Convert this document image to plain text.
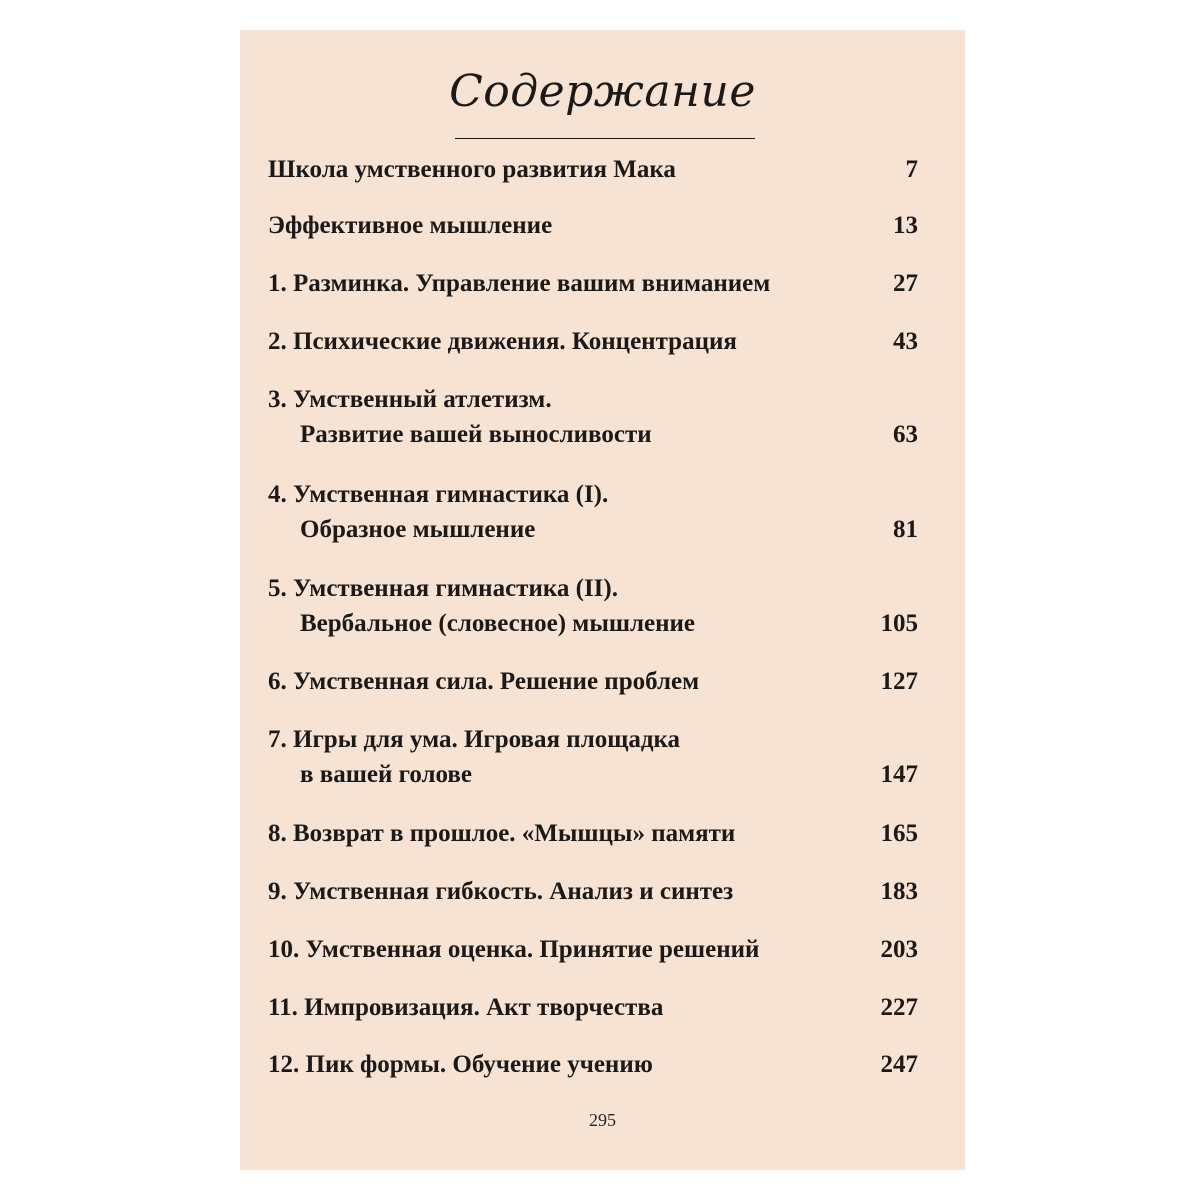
Содержание
Школа умственного развития Мака	7
Эффективное мышление	13
1. Разминка. Управление вашим вниманием	27
2. Психические движения. Концентрация	43
3. Умственный атлетизм.
Развитие вашей выносливости	63
4. Умственная гимнастика (I).
Образное мышление	81
5. Умственная гимнастика (II).
Вербальное (словесное) мышление	105
6. Умственная сила. Решение проблем	127
7. Игры для ума. Игровая площадка
в вашей голове	147
8. Возврат в прошлое. «Мышцы» памяти	165
9. Умственная гибкость. Анализ и синтез	183
10. Умственная оценка. Принятие решений	203
11. Импровизация. Акт творчества	227
12. Пик формы. Обучение учению	247
295
